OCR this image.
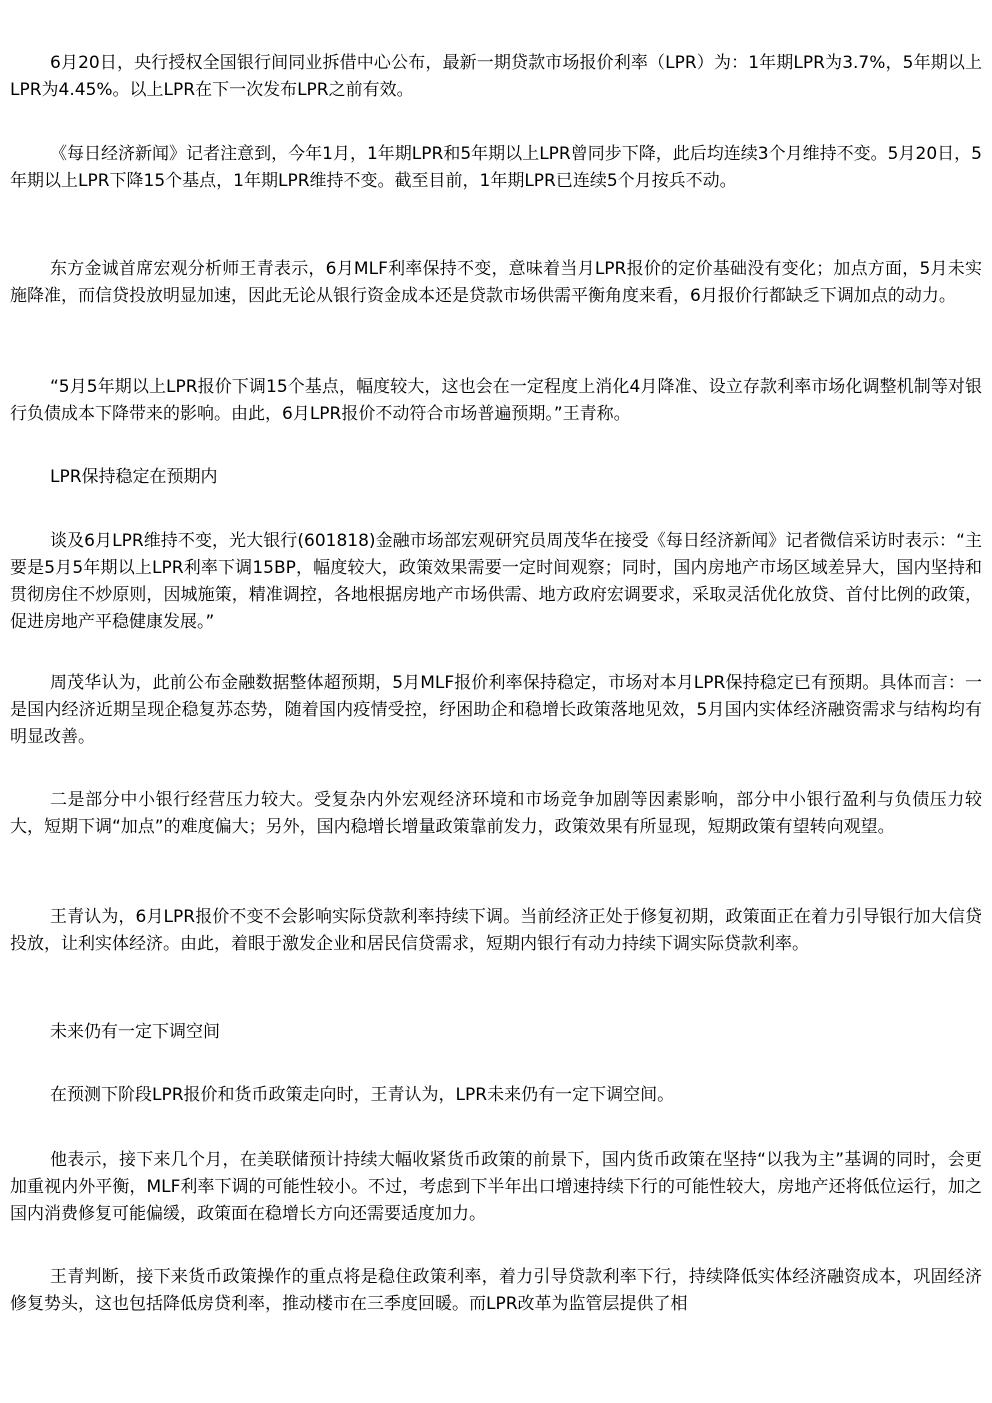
6月20日，央行授权全国银行间同业拆借中心公布，最新一期贷款市场报价利率（LPR）为：1年期LPR为3.7%，5年期以上LPR为4.45%。以上LPR在下一次发布LPR之前有效。

《每日经济新闻》记者注意到，今年1月，1年期LPR和5年期以上LPR曾同步下降，此后均连续3个月维持不变。5月20日，5年期以上LPR下降15个基点，1年期LPR维持不变。截至目前，1年期LPR已连续5个月按兵不动。

东方金诚首席宏观分析师王青表示，6月MLF利率保持不变，意味着当月LPR报价的定价基础没有变化；加点方面，5月未实施降准，而信贷投放明显加速，因此无论从银行资金成本还是贷款市场供需平衡角度来看，6月报价行都缺乏下调加点的动力。

“5月5年期以上LPR报价下调15个基点，幅度较大，这也会在一定程度上消化4月降准、设立存款利率市场化调整机制等对银行负债成本下降带来的影响。由此，6月LPR报价不动符合市场普遍预期。”王青称。

LPR保持稳定在预期内

谈及6月LPR维持不变，光大银行(601818)金融市场部宏观研究员周茂华在接受《每日经济新闻》记者微信采访时表示：“主要是5月5年期以上LPR利率下调15BP，幅度较大，政策效果需要一定时间观察；同时，国内房地产市场区域差异大，国内坚持和贯彻房住不炒原则，因城施策，精准调控，各地根据房地产市场供需、地方政府宏调要求，采取灵活优化放贷、首付比例的政策，促进房地产平稳健康发展。”

周茂华认为，此前公布金融数据整体超预期，5月MLF报价利率保持稳定，市场对本月LPR保持稳定已有预期。具体而言：一是国内经济近期呈现企稳复苏态势，随着国内疫情受控，纾困助企和稳增长政策落地见效，5月国内实体经济融资需求与结构均有明显改善。

二是部分中小银行经营压力较大。受复杂内外宏观经济环境和市场竞争加剧等因素影响，部分中小银行盈利与负债压力较大，短期下调“加点”的难度偏大；另外，国内稳增长增量政策靠前发力，政策效果有所显现，短期政策有望转向观望。

王青认为，6月LPR报价不变不会影响实际贷款利率持续下调。当前经济正处于修复初期，政策面正在着力引导银行加大信贷投放，让利实体经济。由此，着眼于激发企业和居民信贷需求，短期内银行有动力持续下调实际贷款利率。

未来仍有一定下调空间

在预测下阶段LPR报价和货币政策走向时，王青认为，LPR未来仍有一定下调空间。

他表示，接下来几个月，在美联储预计持续大幅收紧货币政策的前景下，国内货币政策在坚持“以我为主”基调的同时，会更加重视内外平衡，MLF利率下调的可能性较小。不过，考虑到下半年出口增速持续下行的可能性较大，房地产还将低位运行，加之国内消费修复可能偏缓，政策面在稳增长方向还需要适度加力。

王青判断，接下来货币政策操作的重点将是稳住政策利率，着力引导贷款利率下行，持续降低实体经济融资成本，巩固经济修复势头，这也包括降低房贷利率，推动楼市在三季度回暖。而LPR改革为监管层提供了相
